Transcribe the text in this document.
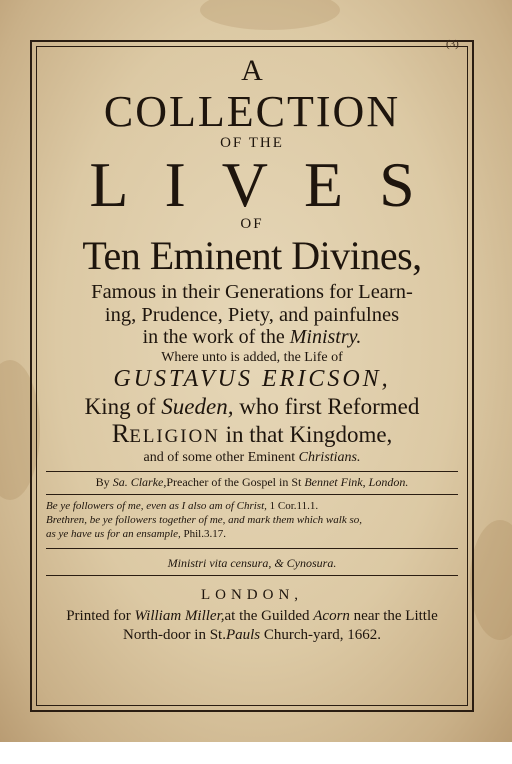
(3)
A
COLLECTION
OF THE
LIVES
OF
Ten Eminent Divines,
Famous in their Generations for Learn-
ing, Prudence, Piety, and painfulnes
in the work of the Ministry.
Where unto is added, the Life of
GUSTAVUS ERICSON,
King of Sueden, who first Reformed
RELIGION in that Kingdome,
and of some other Eminent Christians.
By Sa. Clarke,Preacher of the Gospel in St Bennet Fink, London.
Be ye followers of me, even as I also am of Christ, 1 Cor.11.1.
Brethren, be ye followers together of me, and mark them which walk so,
as ye have us for an ensample, Phil.3.17.
Ministri vita censura, & Cynosura.
LONDON,
Printed for William Miller,at the Guilded Acorn near the Little
North-door in St.Pauls Church-yard, 1662.
